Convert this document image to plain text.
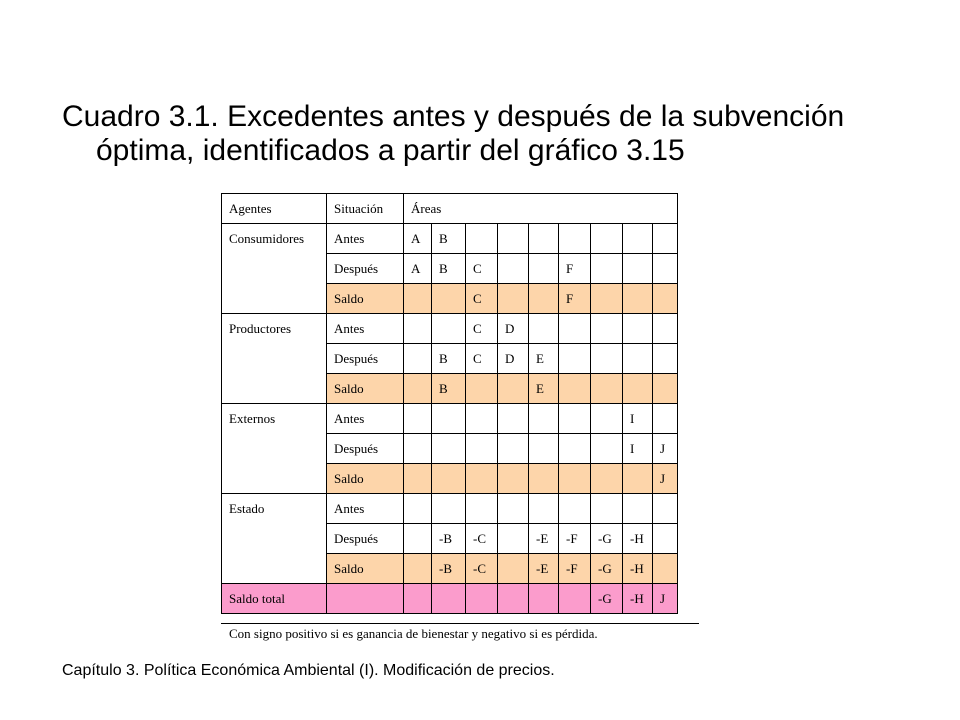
Cuadro 3.1. Excedentes antes y después de la subvención
óptima, identificados a partir del gráfico 3.15
Agentes	Situación	Áreas								
Consumidores	Antes	A	B							
	Después	A	B	C			F			
	Saldo			C			F			
Productores	Antes			C	D					
	Después		B	C	D	E				
	Saldo		B			E				
Externos	Antes								I	
	Después								I	J
	Saldo									J
Estado	Antes									
	Después		-B	-C		-E	-F	-G	-H	
	Saldo		-B	-C		-E	-F	-G	-H	
Saldo total								-G	-H	J
Con signo positivo si es ganancia de bienestar y negativo si es pérdida.
Capítulo 3. Política Económica Ambiental (I). Modificación de precios.
